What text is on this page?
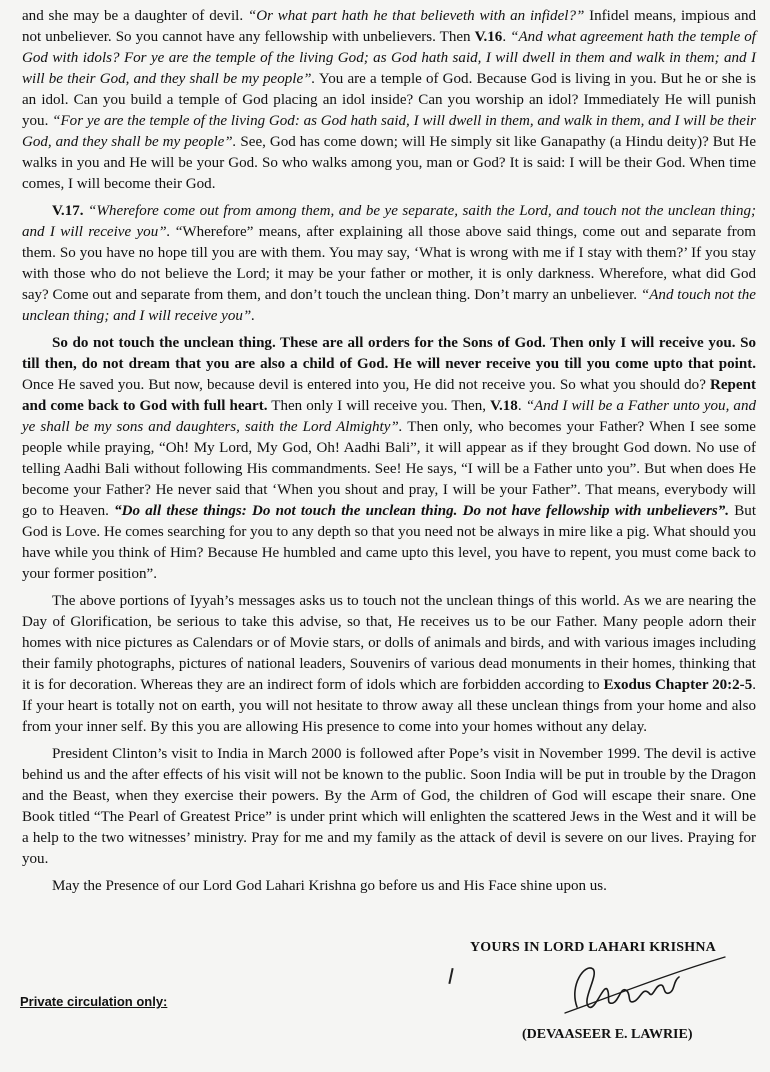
and she may be a daughter of devil. “Or what part hath he that believeth with an infidel?” Infidel means, impious and not unbeliever. So you cannot have any fellowship with unbelievers. Then V.16. “And what agreement hath the temple of God with idols? For ye are the temple of the living God; as God hath said, I will dwell in them and walk in them; and I will be their God, and they shall be my people”. You are a temple of God. Because God is living in you. But he or she is an idol. Can you build a temple of God placing an idol inside? Can you worship an idol? Immediately He will punish you. “For ye are the temple of the living God: as God hath said, I will dwell in them, and walk in them, and I will be their God, and they shall be my people”. See, God has come down; will He simply sit like Ganapathy (a Hindu deity)? But He walks in you and He will be your God. So who walks among you, man or God? It is said: I will be their God. When time comes, I will become their God.

V.17. “Wherefore come out from among them, and be ye separate, saith the Lord, and touch not the unclean thing; and I will receive you”. “Wherefore” means, after explaining all those above said things, come out and separate from them. So you have no hope till you are with them. You may say, ‘What is wrong with me if I stay with them?’ If you stay with those who do not believe the Lord; it may be your father or mother, it is only darkness. Wherefore, what did God say? Come out and separate from them, and don’t touch the unclean thing. Don’t marry an unbeliever. “And touch not the unclean thing; and I will receive you”.

So do not touch the unclean thing. These are all orders for the Sons of God. Then only I will receive you. So till then, do not dream that you are also a child of God. He will never receive you till you come upto that point. Once He saved you. But now, because devil is entered into you, He did not receive you. So what you should do? Repent and come back to God with full heart. Then only I will receive you. Then, V.18. “And I will be a Father unto you, and ye shall be my sons and daughters, saith the Lord Almighty”. Then only, who becomes your Father? When I see some people while praying, “Oh! My Lord, My God, Oh! Aadhi Bali”, it will appear as if they brought God down. No use of telling Aadhi Bali without following His commandments. See! He says, “I will be a Father unto you”. But when does He become your Father? He never said that ‘When you shout and pray, I will be your Father”. That means, everybody will go to Heaven. “Do all these things: Do not touch the unclean thing. Do not have fellowship with unbelievers”. But God is Love. He comes searching for you to any depth so that you need not be always in mire like a pig. What should you have while you think of Him? Because He humbled and came upto this level, you have to repent, you must come back to your former position”.

The above portions of Iyyah’s messages asks us to touch not the unclean things of this world. As we are nearing the Day of Glorification, be serious to take this advise, so that, He receives us to be our Father. Many people adorn their homes with nice pictures as Calendars or of Movie stars, or dolls of animals and birds, and with various images including their family photographs, pictures of national leaders, Souvenirs of various dead monuments in their homes, thinking that it is for decoration. Whereas they are an indirect form of idols which are forbidden according to Exodus Chapter 20:2-5. If your heart is totally not on earth, you will not hesitate to throw away all these unclean things from your home and also from your inner self. By this you are allowing His presence to come into your homes without any delay.

President Clinton’s visit to India in March 2000 is followed after Pope’s visit in November 1999. The devil is active behind us and the after effects of his visit will not be known to the public. Soon India will be put in trouble by the Dragon and the Beast, when they exercise their powers. By the Arm of God, the children of God will escape their snare. One Book titled “The Pearl of Greatest Price” is under print which will enlighten the scattered Jews in the West and it will be a help to the two witnesses’ ministry. Pray for me and my family as the attack of devil is severe on our lives. Praying for you.

May the Presence of our Lord God Lahari Krishna go before us and His Face shine upon us.

YOURS IN LORD LAHARI KRISHNA
Private circulation only:
(DEVAASEER E. LAWRIE)
